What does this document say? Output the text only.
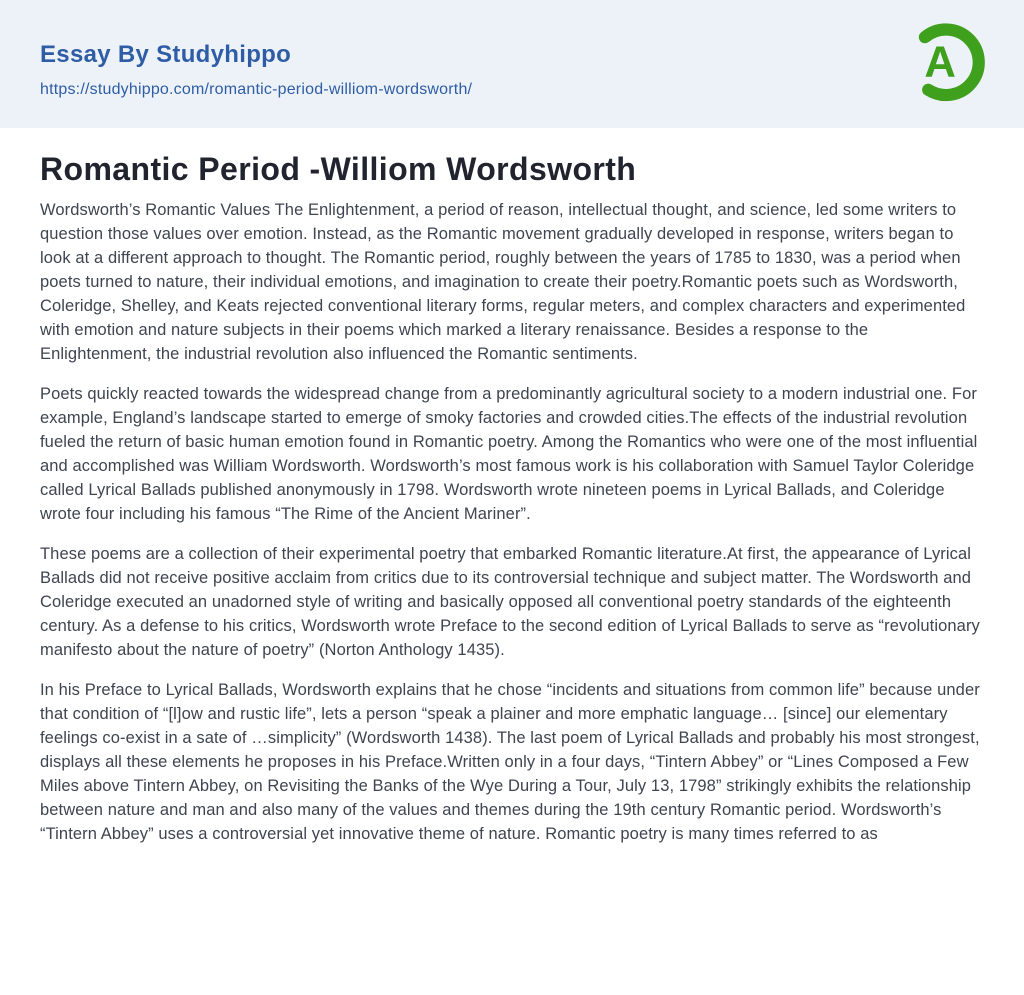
Essay By Studyhippo
https://studyhippo.com/romantic-period-williom-wordsworth/
A
Romantic Period -Williom Wordsworth

Wordsworth’s Romantic Values The Enlightenment, a period of reason, intellectual thought, and science, led some writers to question those values over emotion. Instead, as the Romantic movement gradually developed in response, writers began to look at a different approach to thought. The Romantic period, roughly between the years of 1785 to 1830, was a period when poets turned to nature, their individual emotions, and imagination to create their poetry.Romantic poets such as Wordsworth, Coleridge, Shelley, and Keats rejected conventional literary forms, regular meters, and complex characters and experimented with emotion and nature subjects in their poems which marked a literary renaissance. Besides a response to the Enlightenment, the industrial revolution also influenced the Romantic sentiments.

Poets quickly reacted towards the widespread change from a predominantly agricultural society to a modern industrial one. For example, England’s landscape started to emerge of smoky factories and crowded cities.The effects of the industrial revolution fueled the return of basic human emotion found in Romantic poetry. Among the Romantics who were one of the most influential and accomplished was William Wordsworth. Wordsworth’s most famous work is his collaboration with Samuel Taylor Coleridge called Lyrical Ballads published anonymously in 1798. Wordsworth wrote nineteen poems in Lyrical Ballads, and Coleridge wrote four including his famous “The Rime of the Ancient Mariner”.

These poems are a collection of their experimental poetry that embarked Romantic literature.At first, the appearance of Lyrical Ballads did not receive positive acclaim from critics due to its controversial technique and subject matter. The Wordsworth and Coleridge executed an unadorned style of writing and basically opposed all conventional poetry standards of the eighteenth century. As a defense to his critics, Wordsworth wrote Preface to the second edition of Lyrical Ballads to serve as “revolutionary manifesto about the nature of poetry” (Norton Anthology 1435).

In his Preface to Lyrical Ballads, Wordsworth explains that he chose “incidents and situations from common life” because under that condition of “[l]ow and rustic life”, lets a person “speak a plainer and more emphatic language… [since] our elementary feelings co-exist in a sate of …simplicity” (Wordsworth 1438). The last poem of Lyrical Ballads and probably his most strongest, displays all these elements he proposes in his Preface.Written only in a four days, “Tintern Abbey” or “Lines Composed a Few Miles above Tintern Abbey, on Revisiting the Banks of the Wye During a Tour, July 13, 1798” strikingly exhibits the relationship between nature and man and also many of the values and themes during the 19th century Romantic period. Wordsworth’s “Tintern Abbey” uses a controversial yet innovative theme of nature. Romantic poetry is many times referred to as
